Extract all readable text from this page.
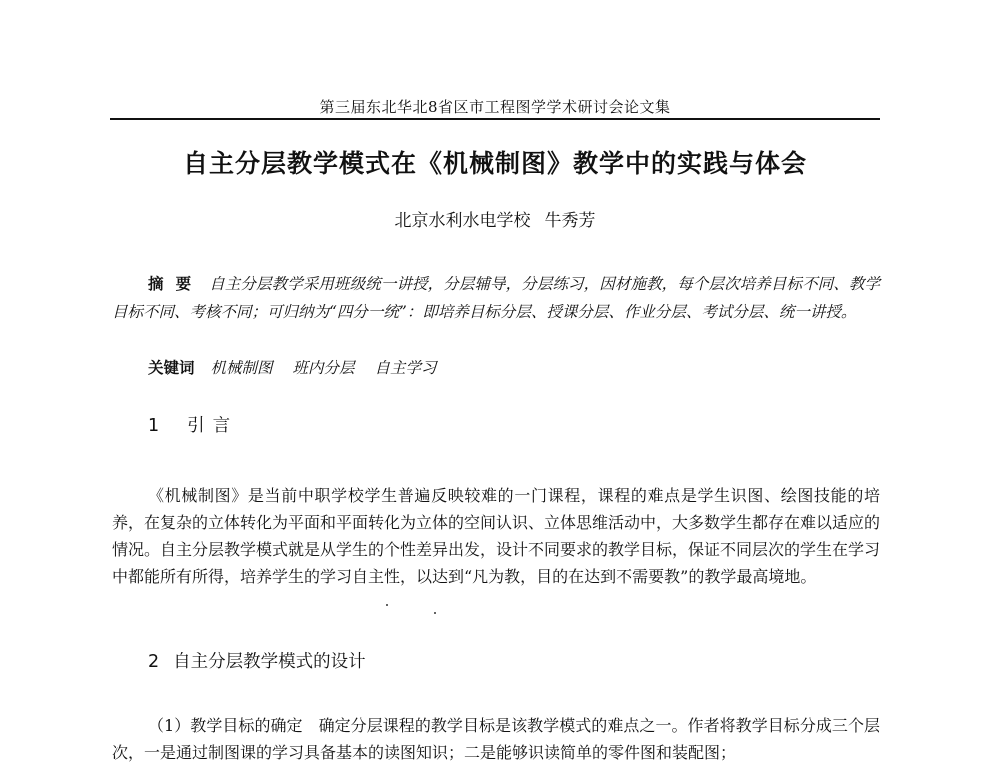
第三届东北华北8省区市工程图学学术研讨会论文集
自主分层教学模式在《机械制图》教学中的实践与体会
北京水利水电学校 牛秀芳
摘要 自主分层教学采用班级统一讲授，分层辅导，分层练习，因材施教，每个层次培养目标不同、教学目标不同、考核不同；可归纳为“四分一统”：即培养目标分层、授课分层、作业分层、考试分层、统一讲授。
关键词 机械制图 班内分层 自主学习
1 引言
《机械制图》是当前中职学校学生普遍反映较难的一门课程，课程的难点是学生识图、绘图技能的培养，在复杂的立体转化为平面和平面转化为立体的空间认识、立体思维活动中，大多数学生都存在难以适应的情况。自主分层教学模式就是从学生的个性差异出发，设计不同要求的教学目标，保证不同层次的学生在学习中都能所有所得，培养学生的学习自主性，以达到“凡为教，目的在达到不需要教”的教学最高境地。
2 自主分层教学模式的设计
（1）教学目标的确定 确定分层课程的教学目标是该教学模式的难点之一。作者将教学目标分成三个层次，一是通过制图课的学习具备基本的读图知识；二是能够识读简单的零件图和装配图；
